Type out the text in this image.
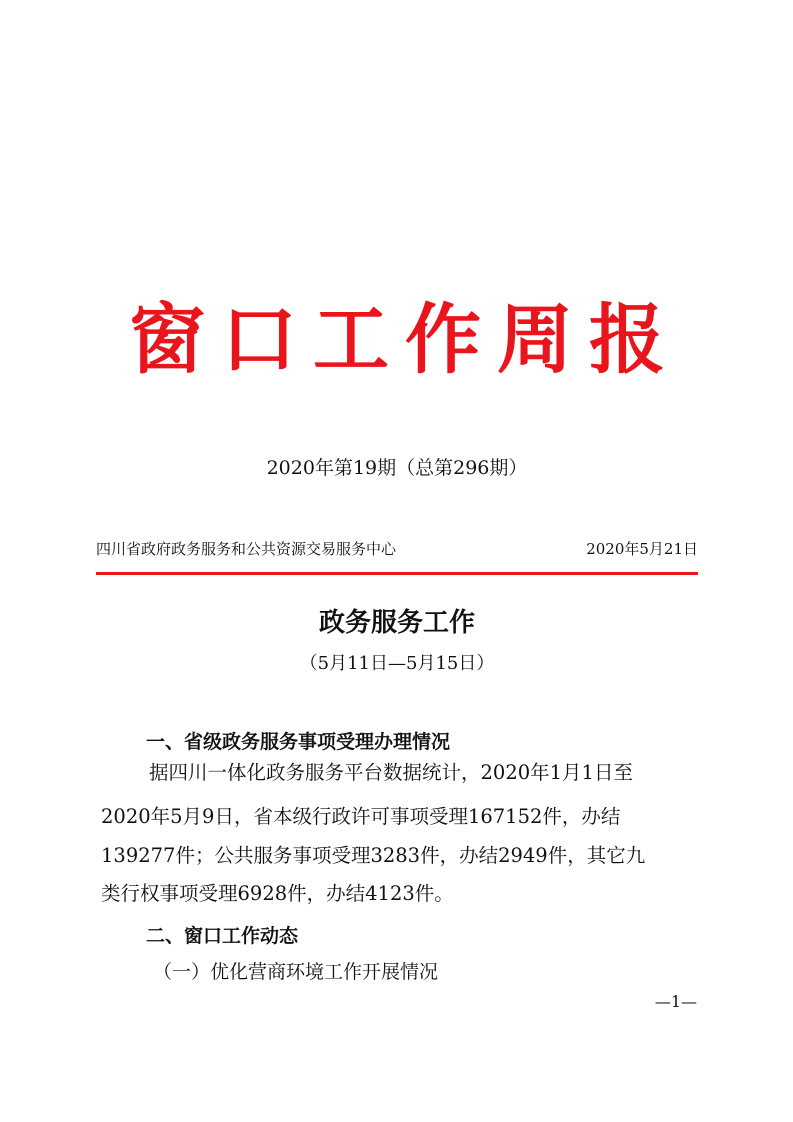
窗口工作周报
2020年第19期（总第296期）
四川省政府政务服务和公共资源交易服务中心	2020年5月21日
政务服务工作
（5月11日—5月15日）
一、省级政务服务事项受理办理情况
据四川一体化政务服务平台数据统计，2020年1月1日至
2020年5月9日，省本级行政许可事项受理167152件，办结
139277件；公共服务事项受理3283件，办结2949件，其它九
类行权事项受理6928件，办结4123件。
二、窗口工作动态
（一）优化营商环境工作开展情况
—1—
